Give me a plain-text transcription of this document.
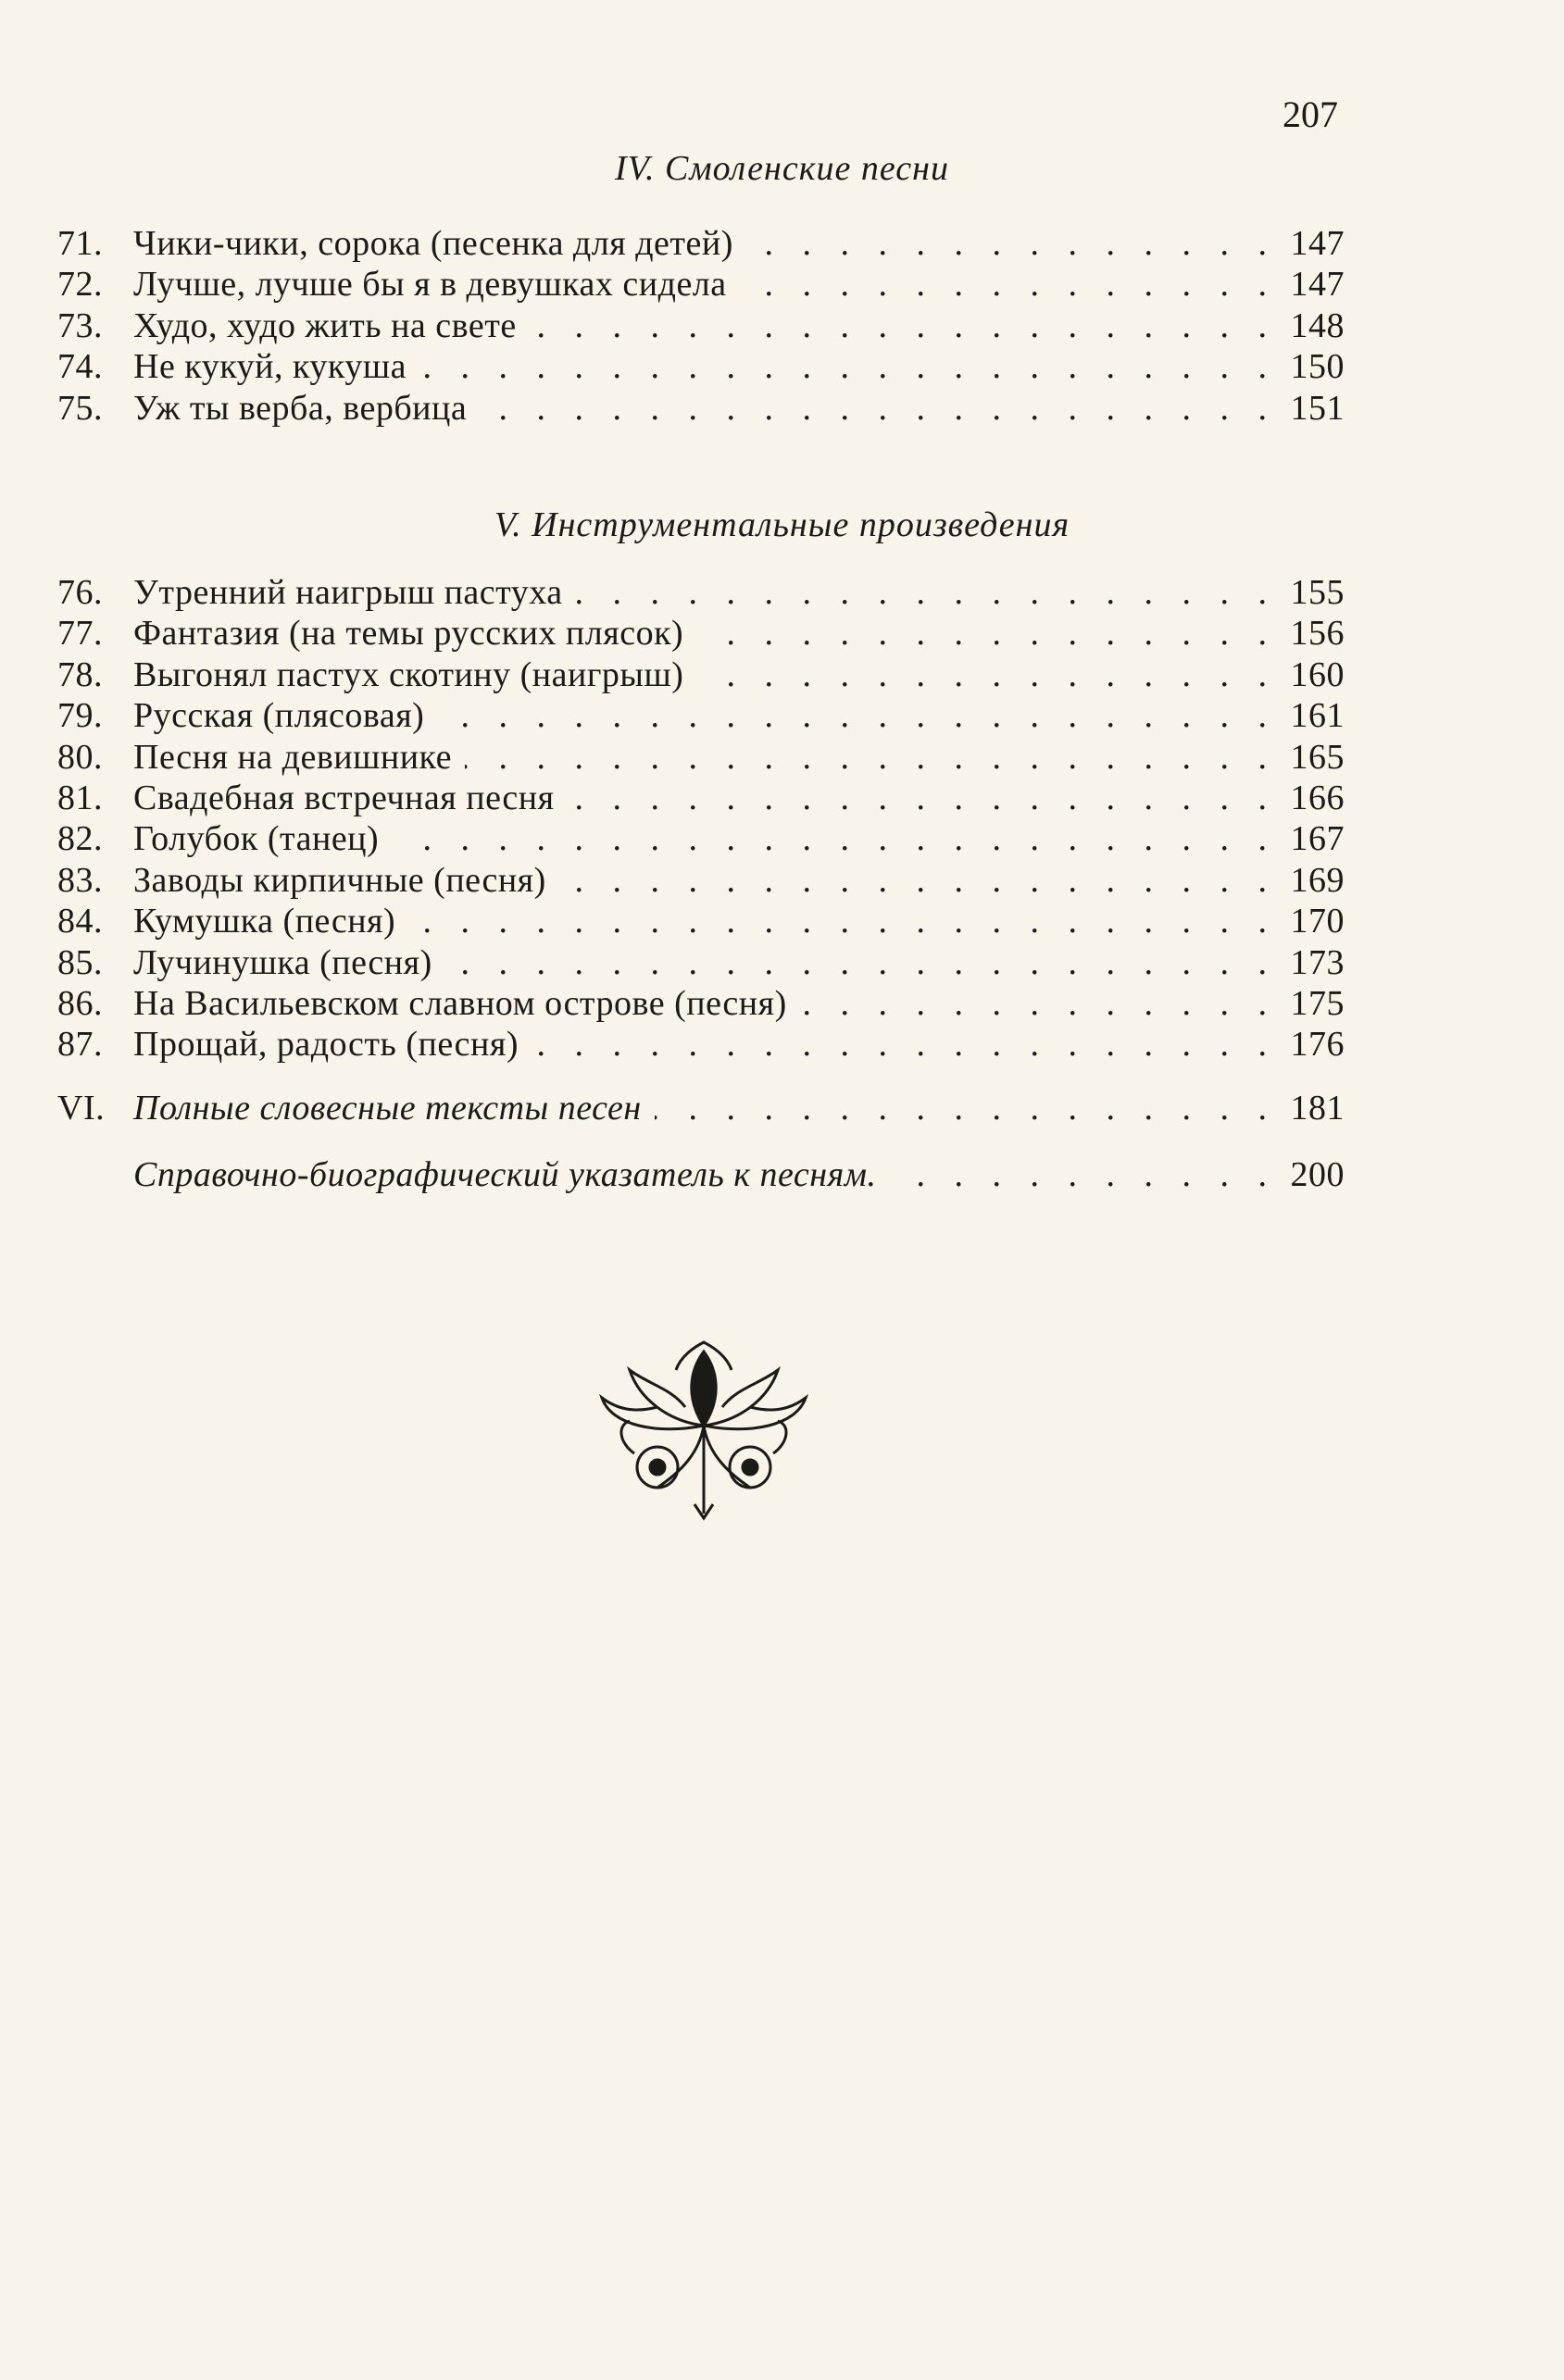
207
IV. Смоленские песни
71. Чики-чики, сорока (песенка для детей) . . .	147
72. Лучше, лучше бы я в девушках сидела . . .	147
73. Худо, худо жить на свете . . .	148
74. Не кукуй, кукуша . . .	150
75. Уж ты верба, вербица . . .	151
V. Инструментальные произведения
76. Утренний наигрыш пастуха . . .	155
77. Фантазия (на темы русских плясок) . . .	156
78. Выгонял пастух скотину (наигрыш) . . .	160
79. Русская (плясовая) . . .	161
80. Песня на девишнике . . .	165
81. Свадебная встречная песня . . .	166
82. Голубок (танец) . . .	167
83. Заводы кирпичные (песня) . . .	169
84. Кумушка (песня) . . .	170
85. Лучинушка (песня) . . .	173
86. На Васильевском славном острове (песня) . . .	175
87. Прощай, радость (песня) . . .	176
VI. Полные словесные тексты песен . . .	181
Справочно-биографический указатель к песням. . . .	200
